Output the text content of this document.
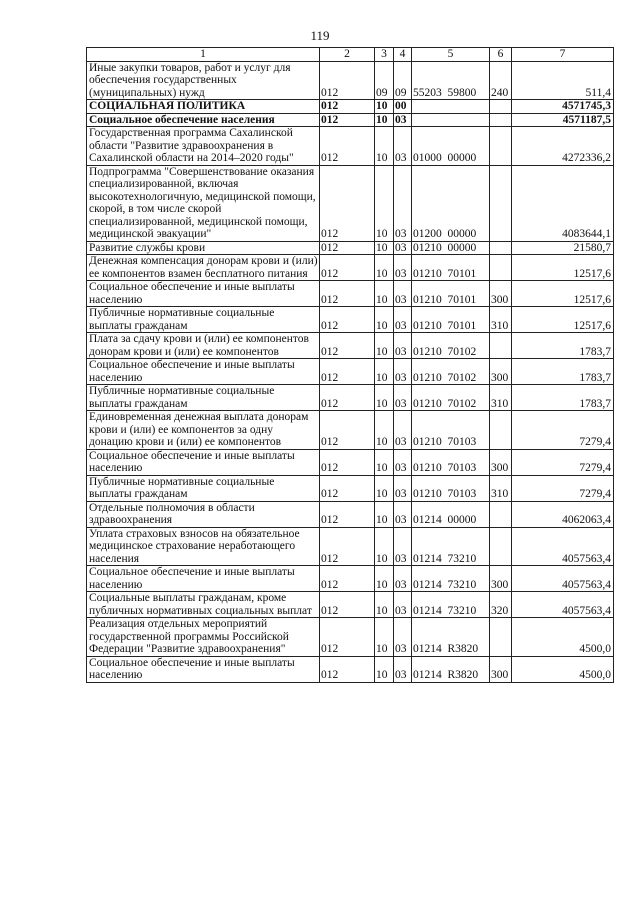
119
1	2	3	4	5	6	7
Иные закупки товаров, работ и услуг для обеспечения государственных (муниципальных) нужд	012	09	09	55203  59800	240	511,4
СОЦИАЛЬНАЯ ПОЛИТИКА	012	10	00			4571745,3
Социальное обеспечение населения	012	10	03			4571187,5
Государственная программа Сахалинской области "Развитие здравоохранения в Сахалинской области на 2014–2020 годы"	012	10	03	01000  00000		4272336,2
Подпрограмма "Совершенствование оказания специализированной, включая высокотехнологичную, медицинской помощи, скорой, в том числе скорой специализированной, медицинской помощи, медицинской эвакуации"	012	10	03	01200  00000		4083644,1
Развитие службы крови	012	10	03	01210  00000		21580,7
Денежная компенсация донорам крови и (или) ее компонентов взамен бесплатного питания	012	10	03	01210  70101		12517,6
Социальное обеспечение и иные выплаты населению	012	10	03	01210  70101	300	12517,6
Публичные нормативные социальные выплаты гражданам	012	10	03	01210  70101	310	12517,6
Плата за сдачу крови и (или) ее компонентов донорам крови и (или) ее компонентов	012	10	03	01210  70102		1783,7
Социальное обеспечение и иные выплаты населению	012	10	03	01210  70102	300	1783,7
Публичные нормативные социальные выплаты гражданам	012	10	03	01210  70102	310	1783,7
Единовременная денежная выплата донорам крови и (или) ее компонентов за одну донацию крови и (или) ее компонентов	012	10	03	01210  70103		7279,4
Социальное обеспечение и иные выплаты населению	012	10	03	01210  70103	300	7279,4
Публичные нормативные социальные выплаты гражданам	012	10	03	01210  70103	310	7279,4
Отдельные полномочия в области здравоохранения	012	10	03	01214  00000		4062063,4
Уплата страховых взносов на обязательное медицинское страхование неработающего населения	012	10	03	01214  73210		4057563,4
Социальное обеспечение и иные выплаты населению	012	10	03	01214  73210	300	4057563,4
Социальные выплаты гражданам, кроме публичных нормативных социальных выплат	012	10	03	01214  73210	320	4057563,4
Реализация отдельных мероприятий государственной программы Российской Федерации "Развитие здравоохранения"	012	10	03	01214  R3820		4500,0
Социальное обеспечение и иные выплаты населению	012	10	03	01214  R3820	300	4500,0
